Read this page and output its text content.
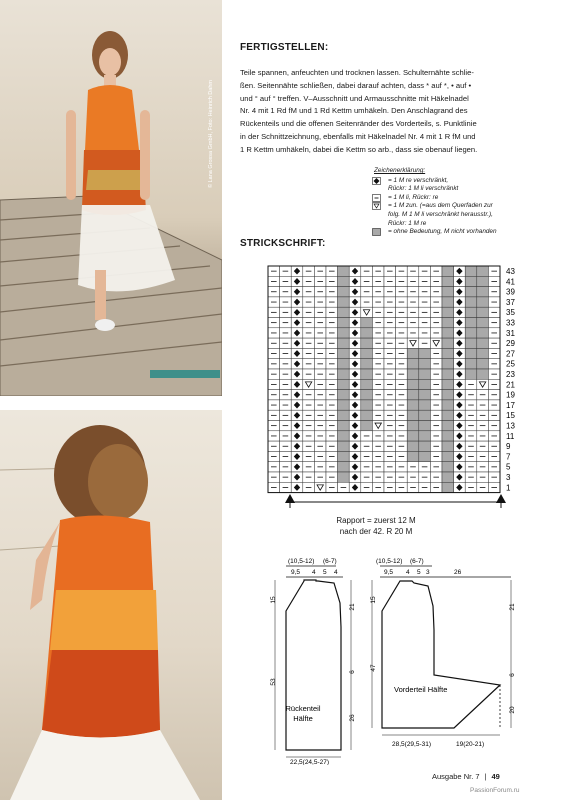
© Lana Grossa GmbH, Foto: Heinrich Dahm
FERTIGSTELLEN:
Teile spannen, anfeuchten und trocknen lassen. Schulternähte schlie-
ßen. Seitennähte schließen, dabei darauf achten, dass * auf *, • auf •
und ° auf ° treffen. V–Ausschnitt und Armausschnitte mit Häkelnadel
Nr. 4 mit 1 Rd fM und 1 Rd Kettm umhäkeln. Den Anschlagrand des
Rückenteils und die offenen Seitenränder des Vorderteils, s. Punktlinie
in der Schnittzeichnung, ebenfalls mit Häkelnadel Nr. 4 mit 1 R fM und
1 R Kettm umhäkeln, dabei die Kettm so arb., dass sie obenauf liegen.
Zeichenerklärung:
= 1 M re verschränkt,
Rückr: 1 M li verschränkt
= 1 M li, Rückr: re
= 1 M zun. (=aus dem Querfaden zur
folg. M 1 M li verschränkt herausstr.),
Rückr: 1 M re
= ohne Bedeutung, M nicht vorhanden
STRICKSCHRIFT:
43
41
39
37
35
33
31
29
27
25
23
21
19
17
15
13
11
9
7
5
3
1
Rapport = zuerst 12 M
nach der 42. R 20 M
(10,5-12) (6-7)
9,5 4 5 4
15
53
21
6
26
Rückenteil
Hälfte
22,5(24,5-27)
(10,5-12) (6-7)
9,5 4 5 3	26
15
47
21
6
20
Vorderteil Hälfte
28,5(29,5-31)	19(20-21)
Ausgabe Nr. 7 | 49
PassionForum.ru
